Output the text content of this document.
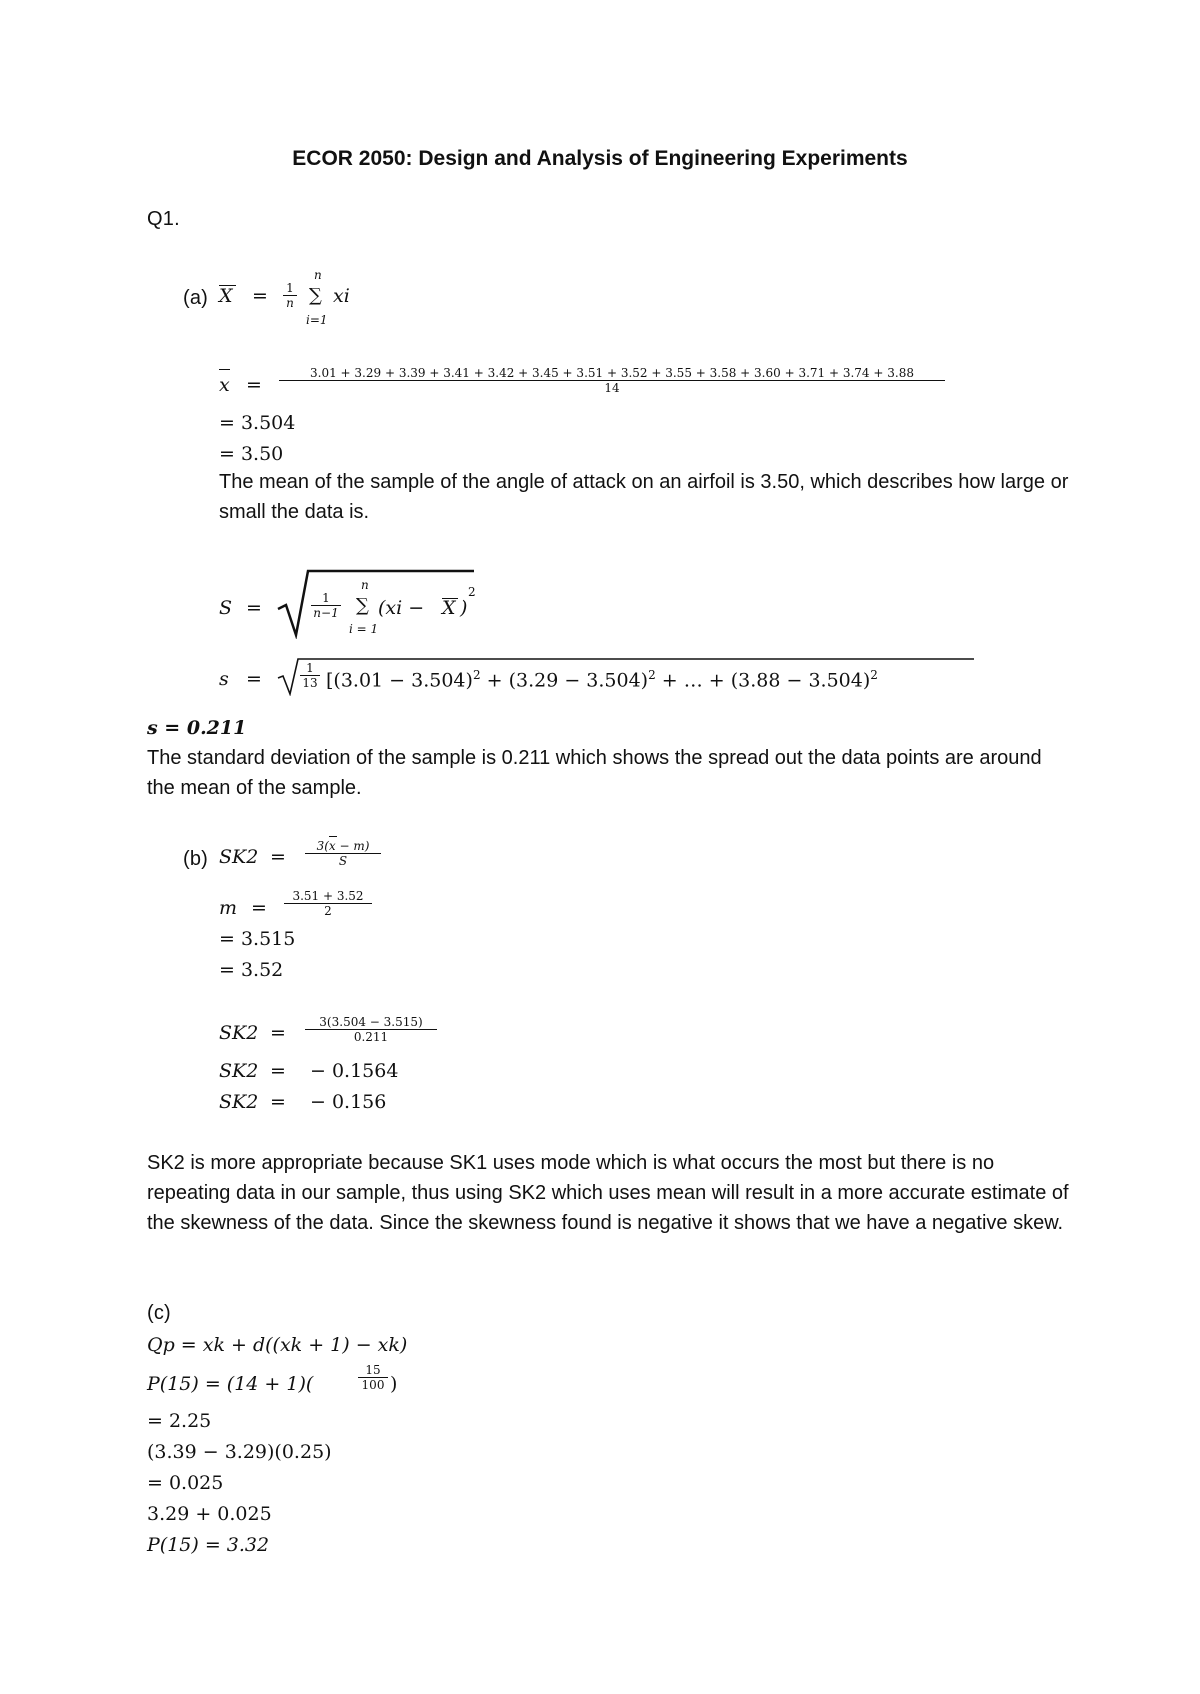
ECOR 2050: Design and Analysis of Engineering Experiments
Q1.
(a) X = 1
n
n
∑
i=1
xi
x =
3.01 + 3.29 + 3.39 + 3.41 + 3.42 + 3.45 + 3.51 + 3.52 + 3.55 + 3.58 + 3.60 + 3.71 + 3.74 + 3.88
14
= 3.504
= 3.50
The mean of the sample of the angle of attack on an airfoil is 3.50, which describes how large or small the data is.
S =	1
n−1
n
∑
i = 1
(xi − X )
2
s =	1
13 [$(3.01 - 3.504)^2 + (3.29 - 3.504)^2$ + … + $(3.88 - 3.504)^2$
s = 0.211
The standard deviation of the sample is 0.211 which shows the spread out the data points are around the mean of the sample.
(b) SK2 =	3(x − m)
S
m =
3.51 + 3.52
2
= 3.515
= 3.52
SK2 =	3(3.504 − 3.515)
0.211
SK2 = − 0.1564
SK2 = − 0.156
SK2 is more appropriate because SK1 uses mode which is what occurs the most but there is no repeating data in our sample, thus using SK2 which uses mean will result in a more accurate estimate of the skewness of the data. Since the skewness found is negative it shows that we have a negative skew.
(c)
Qp = xk + d((xk + 1) − xk)
P(15) = (14 + 1)(
15
100 )
= 2.25
(3.39 − 3.29)(0.25)
= 0.025
3.29 + 0.025
P(15) = 3.32
